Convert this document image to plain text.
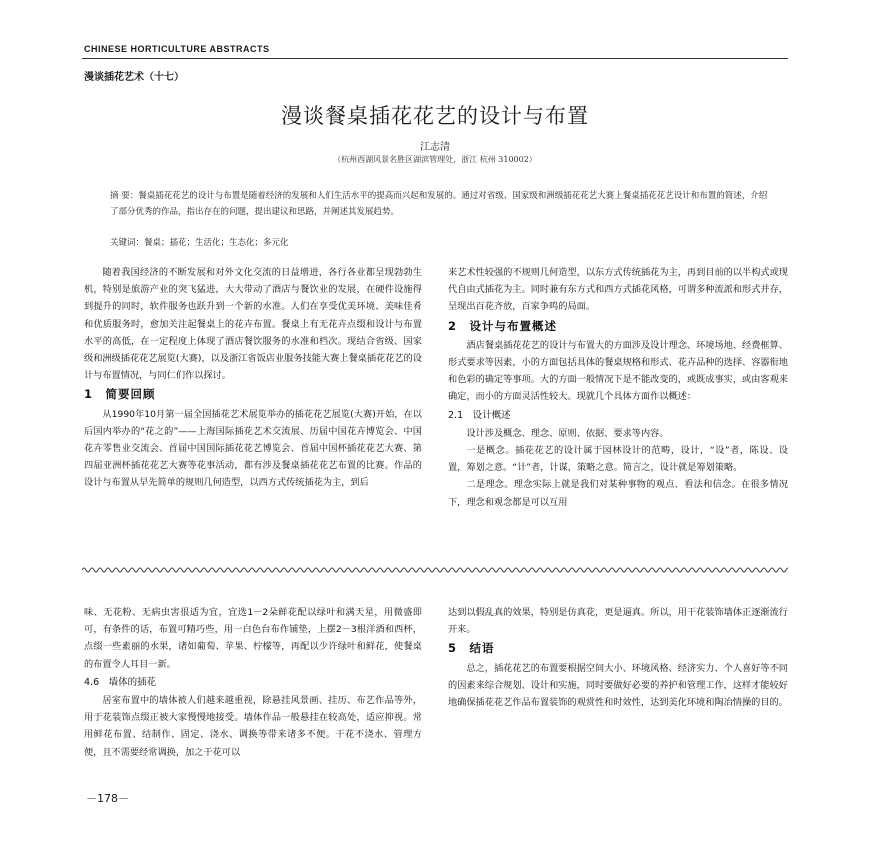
CHINESE HORTICULTURE ABSTRACTS
漫谈插花艺术（十七）
漫谈餐桌插花花艺的设计与布置
江志清
（杭州西湖风景名胜区湖滨管理处，浙江 杭州 310002）
摘 要：餐桌插花花艺的设计与布置是随着经济的发展和人们生活水平的提高而兴起和发展的。通过对省级、国家级和洲级插花花艺大赛上餐桌插花花艺设计和布置的简述，介绍了部分优秀的作品，指出存在的问题，提出建议和思路，并阐述其发展趋势。
关键词：餐桌；插花；生活化；生态化；多元化

随着我国经济的不断发展和对外文化交流的日益增进，各行各业都呈现勃勃生机，特别是旅游产业的突飞猛进，大大带动了酒店与餐饮业的发展，在硬件设施得到提升的同时，软件服务也跃升到一个新的水准。人们在享受优美环境、美味佳肴和优质服务时，愈加关注起餐桌上的花卉布置。餐桌上有无花卉点缀和设计与布置水平的高低，在一定程度上体现了酒店餐饮服务的水准和档次。现结合省级、国家级和洲级插花花艺展览(大赛)，以及浙江省饭店业服务技能大赛上餐桌插花花艺的设计与布置情况，与同仁们作以探讨。

1　简要回顾

从1990年10月第一届全国插花艺术展览举办的插花花艺展览(大赛)开始，在以后国内举办的“花之韵”——上海国际插花艺术交流展、历届中国花卉博览会、中国花卉零售业交流会、首届中国国际插花花艺博览会、首届中国杯插花花艺大赛、第四届亚洲杯插花花艺大赛等花事活动，都有涉及餐桌插花花艺布置的比赛。作品的设计与布置从早先简单的规则几何造型，以西方式传统插花为主，到后

来艺术性较强的不规则几何造型，以东方式传统插花为主，再到目前的以半构式或现代自由式插花为主。同时兼有东方式和西方式插花风格，可谓多种流派和形式并存，呈现出百花齐放，百家争鸣的局面。

2　设计与布置概述

酒店餐桌插花花艺的设计与布置大的方面涉及设计理念、环境场地、经费框算、形式要求等因素，小的方面包括具体的餐桌规格和形式、花卉品种的选择、容器衔地和色彩的确定等事项。大的方面一般情况下是不能改变的，或既成事实，或由客观来确定，而小的方面灵活性较大。现就几个具体方面作以概述：

2.1　设计概述

设计涉及概念、理念、原则、依据、要求等内容。

一是概念。插花花艺的设计属于园林设计的范畴，设计，“设”者，陈设、设置，筹划之意。“计”者，计谋，策略之意。简言之，设计就是筹划策略。

二是理念。理念实际上就是我们对某种事物的观点、看法和信念。在很多情况下，理念和观念都是可以互用

味、无花粉、无病虫害很适为宜，宜选1－2朵鲜花配以绿叶和满天星，用微盛即可，有条件的话，布置可精巧些，用一白色台布作铺垫，上摆2－3根洋酒和西杯，点缀一些素丽的水果，诸如葡萄、苹果、柠檬等，再配以少许绿叶和鲜花，使餐桌的布置令人耳目一新。

4.6　墙体的插花

居室布置中的墙体被人们越来越重视，除悬挂风景画、挂历、布艺作品等外，用于花装饰点缀正被大家慢慢地接受。墙体作品一般悬挂在较高处，适应抑视。常用鲜花布置、结制作、固定、浇水、调换等带来诸多不便。干花不浇水、管理方便，且不需要经常调换，加之干花可以

达到以假乱真的效果，特别是仿真花，更是逼真。所以，用干花装饰墙体正逐渐流行开来。

5　结语

总之，插花花艺的布置要根据空间大小、环境风格、经济实力、个人喜好等不同的因素来综合规划、设计和实施，同时要做好必要的养护和管理工作，这样才能较好地确保插花花艺作品布置装饰的观赏性和时效性，达到美化环境和陶冶情操的目的。

－178－
